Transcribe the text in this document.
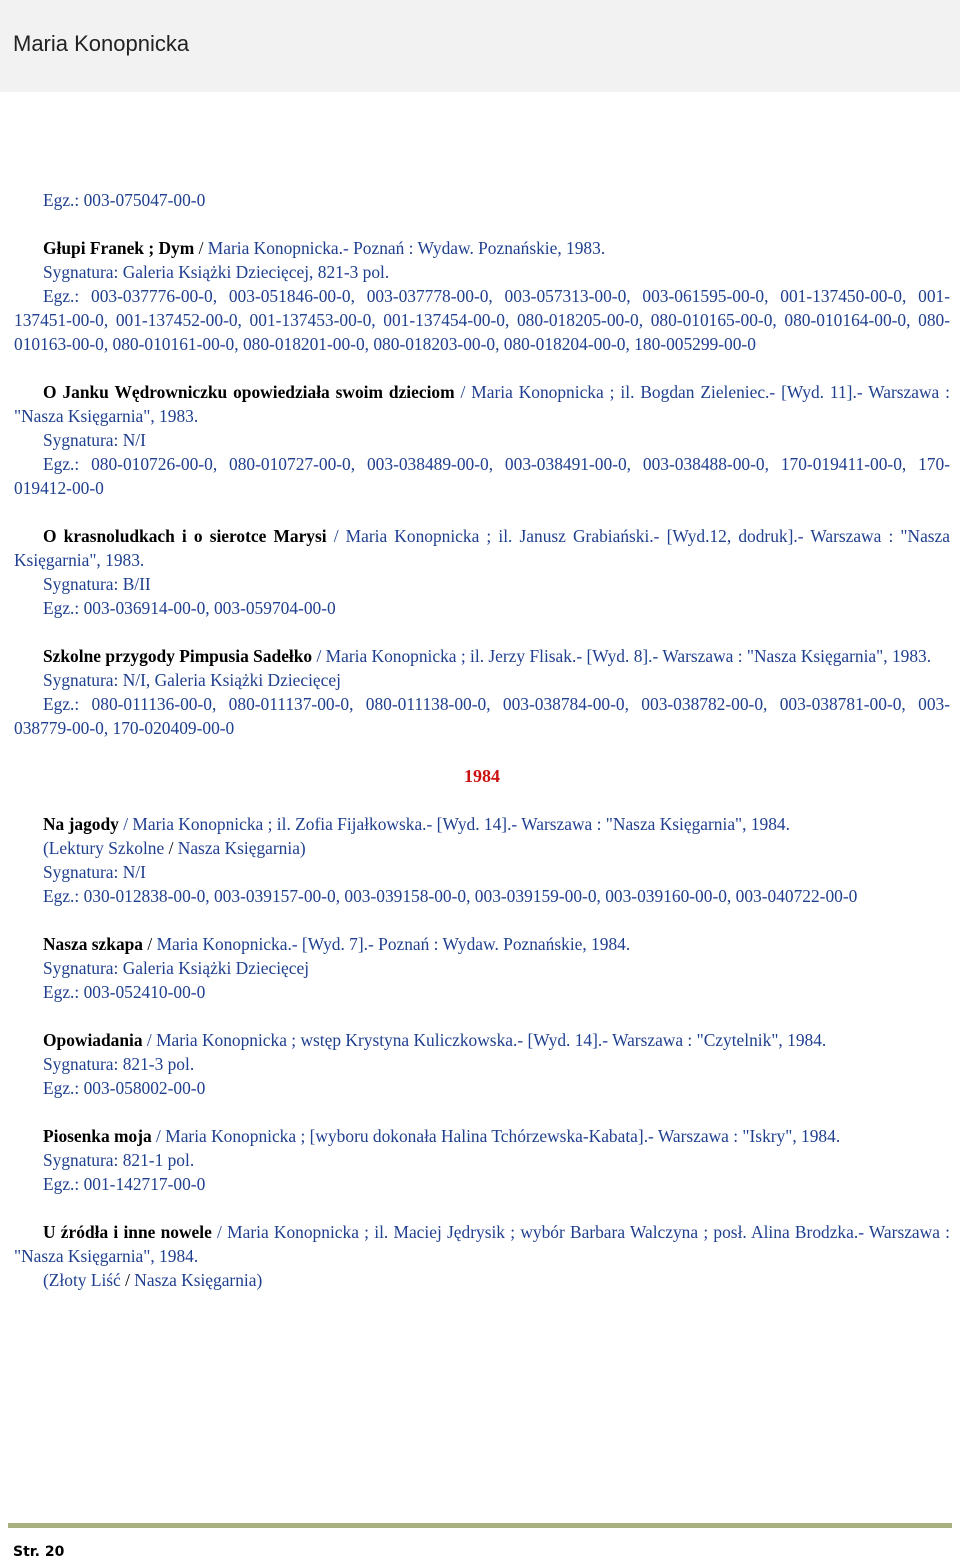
Maria Konopnicka
Egz.: 003-075047-00-0
Głupi Franek ; Dym / Maria Konopnicka.- Poznań : Wydaw. Poznańskie, 1983.
Sygnatura: Galeria Książki Dziecięcej, 821-3 pol.
Egz.: 003-037776-00-0, 003-051846-00-0, 003-037778-00-0, 003-057313-00-0, 003-061595-00-0, 001-137450-00-0, 001-137451-00-0, 001-137452-00-0, 001-137453-00-0, 001-137454-00-0, 080-018205-00-0, 080-010165-00-0, 080-010164-00-0, 080-010163-00-0, 080-010161-00-0, 080-018201-00-0, 080-018203-00-0, 080-018204-00-0, 180-005299-00-0
O Janku Wędrowniczku opowiedziała swoim dzieciom / Maria Konopnicka ; il. Bogdan Zieleniec.- [Wyd. 11].- Warszawa : "Nasza Księgarnia", 1983.
Sygnatura: N/I
Egz.: 080-010726-00-0, 080-010727-00-0, 003-038489-00-0, 003-038491-00-0, 003-038488-00-0, 170-019411-00-0, 170-019412-00-0
O krasnoludkach i o sierotce Marysi / Maria Konopnicka ; il. Janusz Grabiański.- [Wyd.12, dodruk].- Warszawa : "Nasza Księgarnia", 1983.
Sygnatura: B/II
Egz.: 003-036914-00-0, 003-059704-00-0
Szkolne przygody Pimpusia Sadełko / Maria Konopnicka ; il. Jerzy Flisak.- [Wyd. 8].- Warszawa : "Nasza Księgarnia", 1983.
Sygnatura: N/I, Galeria Książki Dziecięcej
Egz.: 080-011136-00-0, 080-011137-00-0, 080-011138-00-0, 003-038784-00-0, 003-038782-00-0, 003-038781-00-0, 003-038779-00-0, 170-020409-00-0
1984
Na jagody / Maria Konopnicka ; il. Zofia Fijałkowska.- [Wyd. 14].- Warszawa : "Nasza Księgarnia", 1984.
(Lektury Szkolne / Nasza Księgarnia)
Sygnatura: N/I
Egz.: 030-012838-00-0, 003-039157-00-0, 003-039158-00-0, 003-039159-00-0, 003-039160-00-0, 003-040722-00-0
Nasza szkapa / Maria Konopnicka.- [Wyd. 7].- Poznań : Wydaw. Poznańskie, 1984.
Sygnatura: Galeria Książki Dziecięcej
Egz.: 003-052410-00-0
Opowiadania / Maria Konopnicka ; wstęp Krystyna Kuliczkowska.- [Wyd. 14].- Warszawa : "Czytelnik", 1984.
Sygnatura: 821-3 pol.
Egz.: 003-058002-00-0
Piosenka moja / Maria Konopnicka ; [wyboru dokonała Halina Tchórzewska-Kabata].- Warszawa : "Iskry", 1984.
Sygnatura: 821-1 pol.
Egz.: 001-142717-00-0
U źródła i inne nowele / Maria Konopnicka ; il. Maciej Jędrysik ; wybór Barbara Walczyna ; posł. Alina Brodzka.- Warszawa : "Nasza Księgarnia", 1984.
(Złoty Liść / Nasza Księgarnia)
Str. 20
